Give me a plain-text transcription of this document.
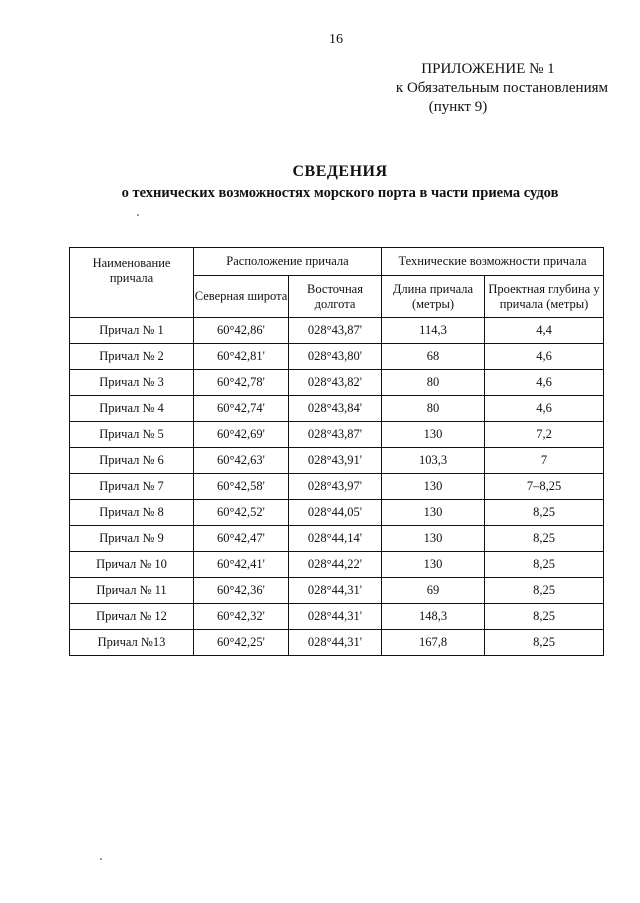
16
ПРИЛОЖЕНИЕ № 1
к Обязательным постановлениям
(пункт 9)
СВЕДЕНИЯ
о технических возможностях морского порта в части приема судов
Наименование причала	Расположение причала		Технические возможности причала	
	Северная широта	Восточная долгота	Длина причала (метры)	Проектная глубина у причала (метры)
Причал № 1	60°42,86'	028°43,87'	114,3	4,4
Причал № 2	60°42,81'	028°43,80'	68	4,6
Причал № 3	60°42,78'	028°43,82'	80	4,6
Причал № 4	60°42,74'	028°43,84'	80	4,6
Причал № 5	60°42,69'	028°43,87'	130	7,2
Причал № 6	60°42,63'	028°43,91'	103,3	7
Причал № 7	60°42,58'	028°43,97'	130	7–8,25
Причал № 8	60°42,52'	028°44,05'	130	8,25
Причал № 9	60°42,47'	028°44,14'	130	8,25
Причал № 10	60°42,41'	028°44,22'	130	8,25
Причал № 11	60°42,36'	028°44,31'	69	8,25
Причал № 12	60°42,32'	028°44,31'	148,3	8,25
Причал №13	60°42,25'	028°44,31'	167,8	8,25
